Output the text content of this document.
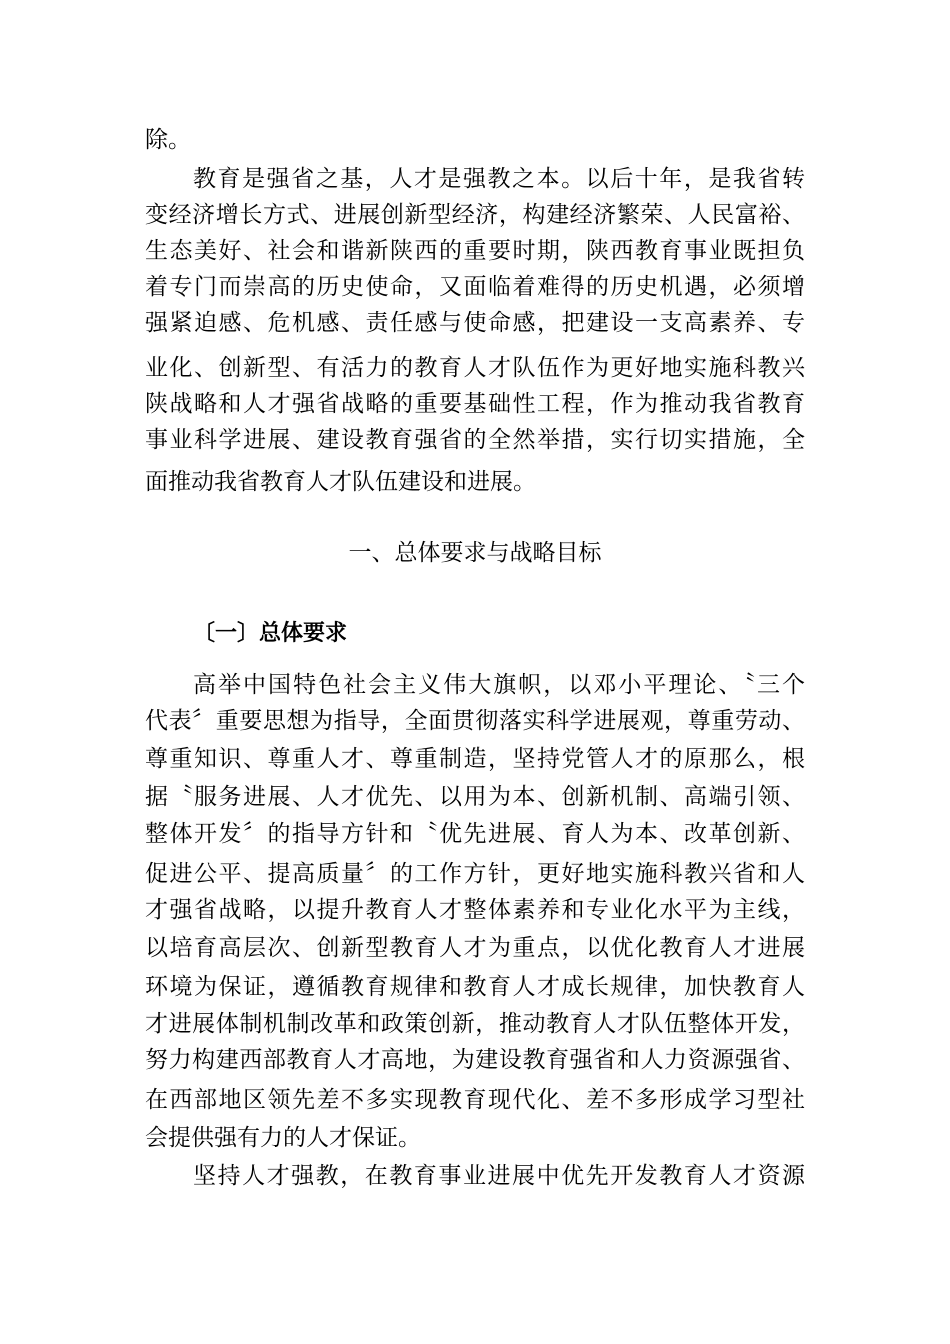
除。
教育是强省之基，人才是强教之本。以后十年，是我省转
变经济增长方式、进展创新型经济，构建经济繁荣、人民富裕、
生态美好、社会和谐新陕西的重要时期，陕西教育事业既担负
着专门而崇高的历史使命，又面临着难得的历史机遇，必须增
强紧迫感、危机感、责任感与使命感，把建设一支高素养、专
业化、创新型、有活力的教育人才队伍作为更好地实施科教兴
陕战略和人才强省战略的重要基础性工程，作为推动我省教育
事业科学进展、建设教育强省的全然举措，实行切实措施，全
面推动我省教育人才队伍建设和进展。
一、总体要求与战略目标
〔一〕总体要求
高举中国特色社会主义伟大旗帜，以邓小平理论、〝三个
代表〞重要思想为指导，全面贯彻落实科学进展观，尊重劳动、
尊重知识、尊重人才、尊重制造，坚持党管人才的原那么，根
据〝服务进展、人才优先、以用为本、创新机制、高端引领、
整体开发〞的指导方针和〝优先进展、育人为本、改革创新、
促进公平、提高质量〞的工作方针，更好地实施科教兴省和人
才强省战略，以提升教育人才整体素养和专业化水平为主线，
以培育高层次、创新型教育人才为重点，以优化教育人才进展
环境为保证，遵循教育规律和教育人才成长规律，加快教育人
才进展体制机制改革和政策创新，推动教育人才队伍整体开发，
努力构建西部教育人才高地，为建设教育强省和人力资源强省、
在西部地区领先差不多实现教育现代化、差不多形成学习型社
会提供强有力的人才保证。
坚持人才强教，在教育事业进展中优先开发教育人才资源
